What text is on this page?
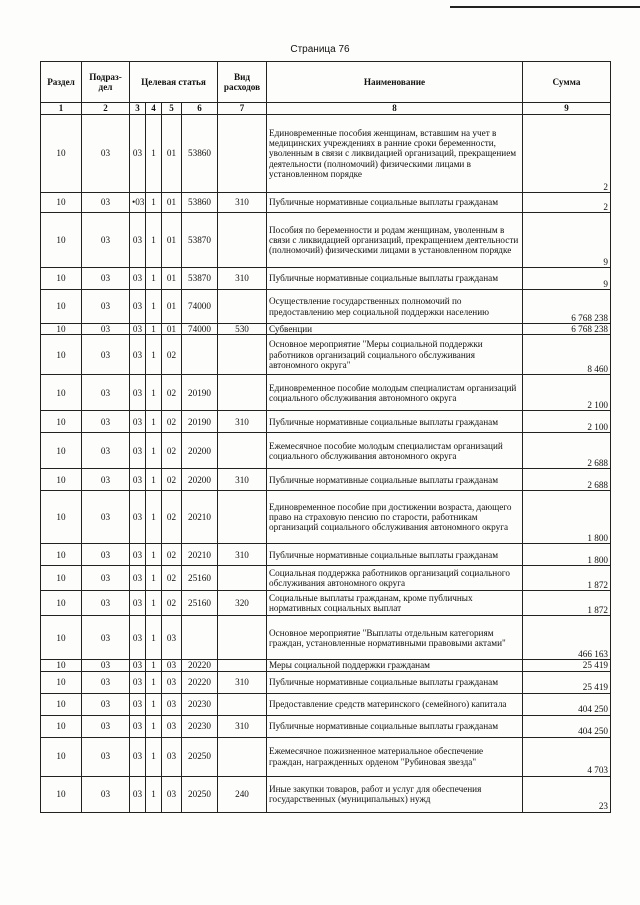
Страница 76
Раздел	Подраз-
дел	Целевая статья				Вид расходов	Наименование	Сумма
1	2	3	4	5	6	7	8	9
10	03	03	1	01	53860		Единовременные пособия женщинам, вставшим на учет в медицинских учреждениях в ранние сроки беременности, уволенным в связи с ликвидацией организаций, прекращением деятельности (полномочий) физическими лицами в установленном порядке	2
10	03	•03	1	01	53860	310	Публичные нормативные социальные выплаты гражданам	2
10	03	03	1	01	53870		Пособия по беременности и родам женщинам, уволенным в связи с ликвидацией организаций, прекращением деятельности (полномочий) физическими лицами в установленном порядке	9
10	03	03	1	01	53870	310	Публичные нормативные социальные выплаты гражданам	9
10	03	03	1	01	74000		Осуществление государственных полномочий по предоставлению мер социальной поддержки населению	6 768 238
10	03	03	1	01	74000	530	Субвенции	6 768 238
10	03	03	1	02			Основное мероприятие "Меры социальной поддержки работников организаций социального обслуживания автономного округа"	8 460
10	03	03	1	02	20190		Единовременное пособие молодым специалистам организаций социального обслуживания автономного округа	2 100
10	03	03	1	02	20190	310	Публичные нормативные социальные выплаты гражданам	2 100
10	03	03	1	02	20200		Ежемесячное пособие молодым специалистам организаций социального обслуживания автономного округа	2 688
10	03	03	1	02	20200	310	Публичные нормативные социальные выплаты гражданам	2 688
10	03	03	1	02	20210		Единовременное пособие при достижении возраста, дающего право на страховую пенсию по старости, работникам организаций социального обслуживания автономного округа	1 800
10	03	03	1	02	20210	310	Публичные нормативные социальные выплаты гражданам	1 800
10	03	03	1	02	25160		Социальная поддержка работников организаций социального обслуживания автономного округа	1 872
10	03	03	1	02	25160	320	Социальные выплаты гражданам, кроме публичных нормативных социальных выплат	1 872
10	03	03	1	03			Основное мероприятие "Выплаты отдельным категориям граждан, установленные нормативными правовыми актами"	466 163
10	03	03	1	03	20220		Меры социальной поддержки гражданам	25 419
10	03	03	1	03	20220	310	Публичные нормативные социальные выплаты гражданам	25 419
10	03	03	1	03	20230		Предоставление средств материнского (семейного) капитала	404 250
10	03	03	1	03	20230	310	Публичные нормативные социальные выплаты гражданам	404 250
10	03	03	1	03	20250		Ежемесячное пожизненное материальное обеспечение граждан, награжденных орденом "Рубиновая звезда"	4 703
10	03	03	1	03	20250	240	Иные закупки товаров, работ и услуг для обеспечения государственных (муниципальных) нужд	23
